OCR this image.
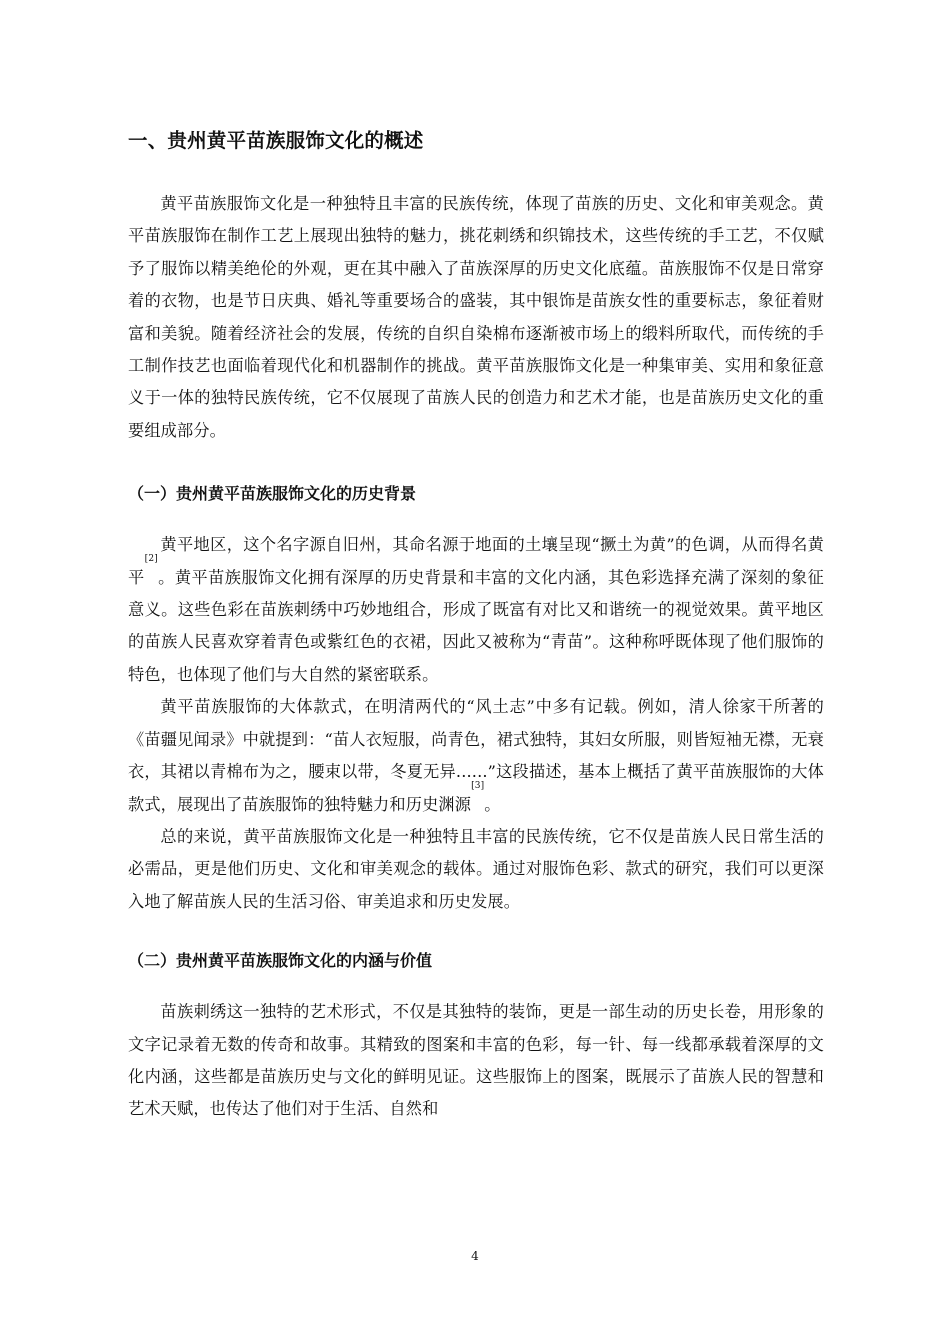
一、贵州黄平苗族服饰文化的概述

黄平苗族服饰文化是一种独特且丰富的民族传统，体现了苗族的历史、文化和审美观念。黄平苗族服饰在制作工艺上展现出独特的魅力，挑花刺绣和织锦技术，这些传统的手工艺，不仅赋予了服饰以精美绝伦的外观，更在其中融入了苗族深厚的历史文化底蕴。苗族服饰不仅是日常穿着的衣物，也是节日庆典、婚礼等重要场合的盛装，其中银饰是苗族女性的重要标志，象征着财富和美貌。随着经济社会的发展，传统的自织自染棉布逐渐被市场上的缎料所取代，而传统的手工制作技艺也面临着现代化和机器制作的挑战。黄平苗族服饰文化是一种集审美、实用和象征意义于一体的独特民族传统，它不仅展现了苗族人民的创造力和艺术才能，也是苗族历史文化的重要组成部分。

（一）贵州黄平苗族服饰文化的历史背景

黄平地区，这个名字源自旧州，其命名源于地面的土壤呈现“撅土为黄”的色调，从而得名黄平[2]。黄平苗族服饰文化拥有深厚的历史背景和丰富的文化内涵，其色彩选择充满了深刻的象征意义。这些色彩在苗族刺绣中巧妙地组合，形成了既富有对比又和谐统一的视觉效果。黄平地区的苗族人民喜欢穿着青色或紫红色的衣裙，因此又被称为“青苗”。这种称呼既体现了他们服饰的特色，也体现了他们与大自然的紧密联系。

黄平苗族服饰的大体款式，在明清两代的“风土志”中多有记载。例如，清人徐家干所著的《苗疆见闻录》中就提到：“苗人衣短服，尚青色，裙式独特，其妇女所服，则皆短袖无襟，无衰衣，其裙以青棉布为之，腰束以带，冬夏无异......”这段描述，基本上概括了黄平苗族服饰的大体款式，展现出了苗族服饰的独特魅力和历史渊源[3]。

总的来说，黄平苗族服饰文化是一种独特且丰富的民族传统，它不仅是苗族人民日常生活的必需品，更是他们历史、文化和审美观念的载体。通过对服饰色彩、款式的研究，我们可以更深入地了解苗族人民的生活习俗、审美追求和历史发展。

（二）贵州黄平苗族服饰文化的内涵与价值

苗族刺绣这一独特的艺术形式，不仅是其独特的装饰，更是一部生动的历史长卷，用形象的文字记录着无数的传奇和故事。其精致的图案和丰富的色彩，每一针、每一线都承载着深厚的文化内涵，这些都是苗族历史与文化的鲜明见证。这些服饰上的图案，既展示了苗族人民的智慧和艺术天赋，也传达了他们对于生活、自然和

4
